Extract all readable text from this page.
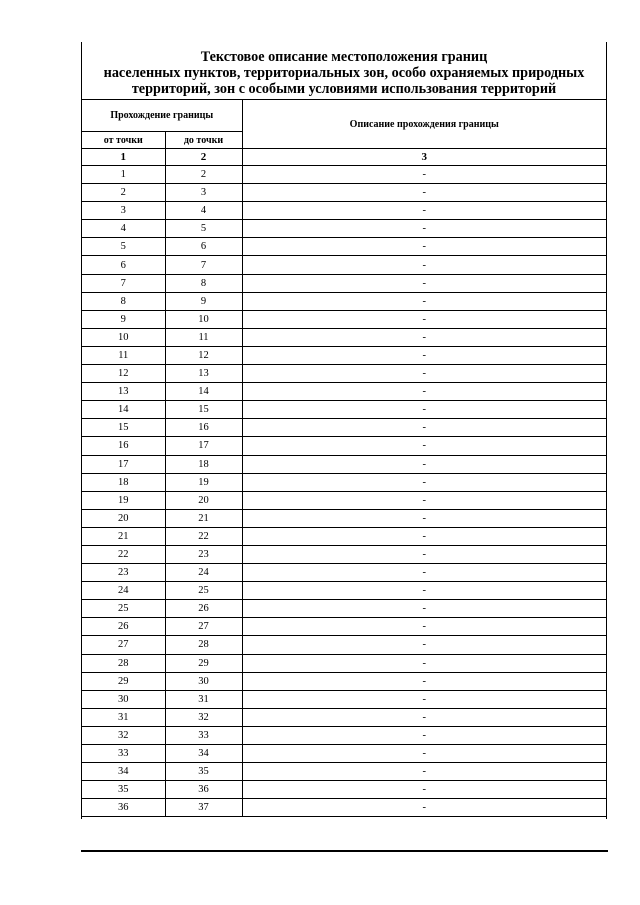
Текстовое описание местоположения границ
населенных пунктов, территориальных зон, особо охраняемых природных
территорий, зон с особыми условиями использования территорий
Прохождение границы		Описание прохождения границы
от точки	до точки	
1	2	3
1	2	-
2	3	-
3	4	-
4	5	-
5	6	-
6	7	-
7	8	-
8	9	-
9	10	-
10	11	-
11	12	-
12	13	-
13	14	-
14	15	-
15	16	-
16	17	-
17	18	-
18	19	-
19	20	-
20	21	-
21	22	-
22	23	-
23	24	-
24	25	-
25	26	-
26	27	-
27	28	-
28	29	-
29	30	-
30	31	-
31	32	-
32	33	-
33	34	-
34	35	-
35	36	-
36	37	-
